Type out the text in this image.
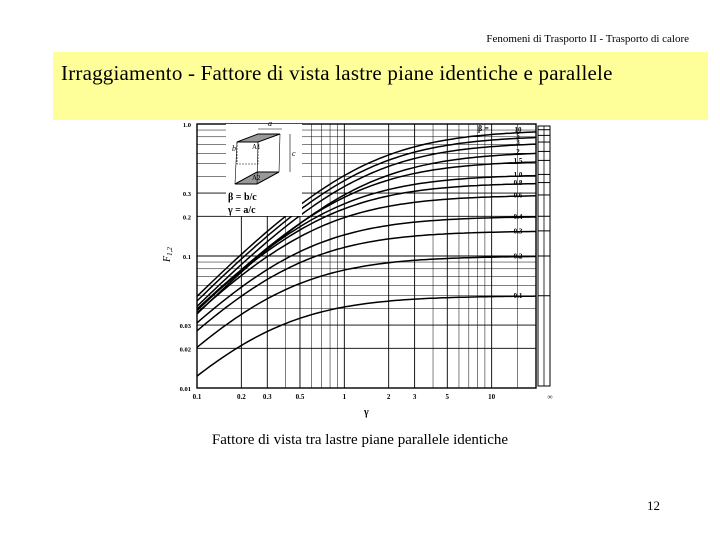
Fenomeni di Trasporto II - Trasporto di calore
Irraggiamento - Fattore di vista lastre piane identiche e parallele
0.1	0.2 0.3	0.5	1	2	3	5	10	∞
0.01
0.02
0.03
0.1
0.2
0.3
1.0
10
5
3
2
1.5
1.0
0.8
0.6
0.4
0.3
0.2
0.1
a
b
c
A1
A2
β = b/c
γ = a/c
$F_{1,2}$
γ
β =
Fattore di vista tra lastre piane parallele identiche
12
